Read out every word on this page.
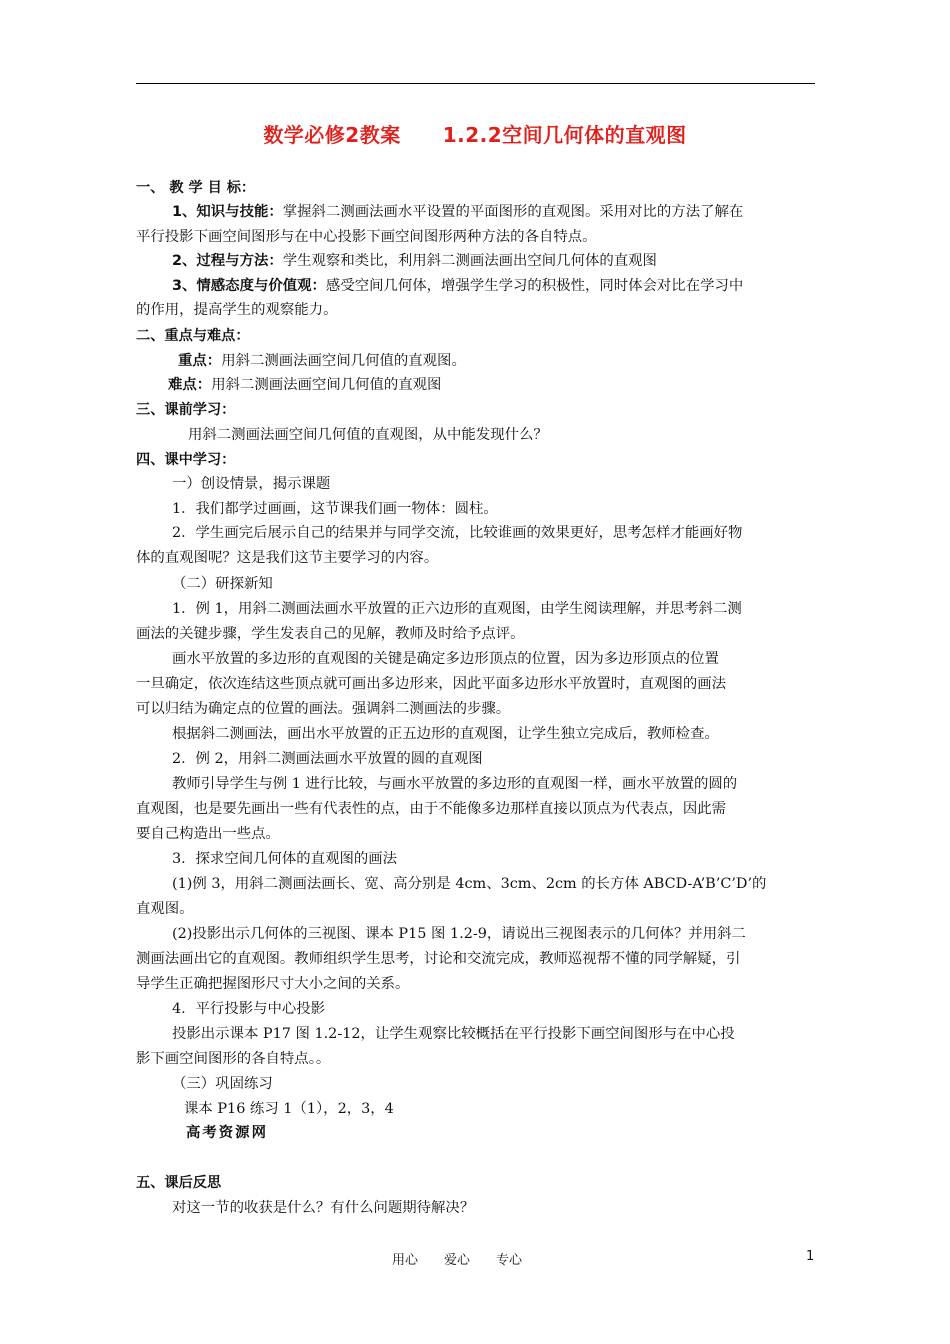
数学必修2教案 1.2.2空间几何体的直观图
一、 教 学 目 标：
1、知识与技能：掌握斜二测画法画水平设置的平面图形的直观图。采用对比的方法了解在
平行投影下画空间图形与在中心投影下画空间图形两种方法的各自特点。
2、过程与方法：学生观察和类比，利用斜二测画法画出空间几何体的直观图
3、情感态度与价值观：感受空间几何体，增强学生学习的积极性，同时体会对比在学习中
的作用，提高学生的观察能力。
二、重点与难点：
重点：用斜二测画法画空间几何值的直观图。
难点：用斜二测画法画空间几何值的直观图
三、课前学习：
用斜二测画法画空间几何值的直观图，从中能发现什么？
四、课中学习：
一）创设情景，揭示课题
1．我们都学过画画，这节课我们画一物体：圆柱。
2．学生画完后展示自己的结果并与同学交流，比较谁画的效果更好，思考怎样才能画好物
体的直观图呢？这是我们这节主要学习的内容。
（二）研探新知
1．例 1，用斜二测画法画水平放置的正六边形的直观图，由学生阅读理解，并思考斜二测
画法的关键步骤，学生发表自己的见解，教师及时给予点评。
画水平放置的多边形的直观图的关键是确定多边形顶点的位置，因为多边形顶点的位置
一旦确定，依次连结这些顶点就可画出多边形来，因此平面多边形水平放置时，直观图的画法
可以归结为确定点的位置的画法。强调斜二测画法的步骤。
根据斜二测画法，画出水平放置的正五边形的直观图，让学生独立完成后，教师检查。
2．例 2，用斜二测画法画水平放置的圆的直观图
教师引导学生与例 1 进行比较，与画水平放置的多边形的直观图一样，画水平放置的圆的
直观图，也是要先画出一些有代表性的点，由于不能像多边那样直接以顶点为代表点，因此需
要自己构造出一些点。
3．探求空间几何体的直观图的画法
(1)例 3，用斜二测画法画长、宽、高分别是 4cm、3cm、2cm 的长方体 ABCD-A’B’C’D’的
直观图。
(2)投影出示几何体的三视图、课本 P15 图 1.2-9，请说出三视图表示的几何体？并用斜二
测画法画出它的直观图。教师组织学生思考，讨论和交流完成，教师巡视帮不懂的同学解疑，引
导学生正确把握图形尺寸大小之间的关系。
4．平行投影与中心投影
投影出示课本 P17 图 1.2-12，让学生观察比较概括在平行投影下画空间图形与在中心投
影下画空间图形的各自特点。。
（三）巩固练习
课本 P16 练习 1（1），2，3，4
高考资源网
五、课后反思
对这一节的收获是什么？有什么问题期待解决？
用心 爱心 专心	1
